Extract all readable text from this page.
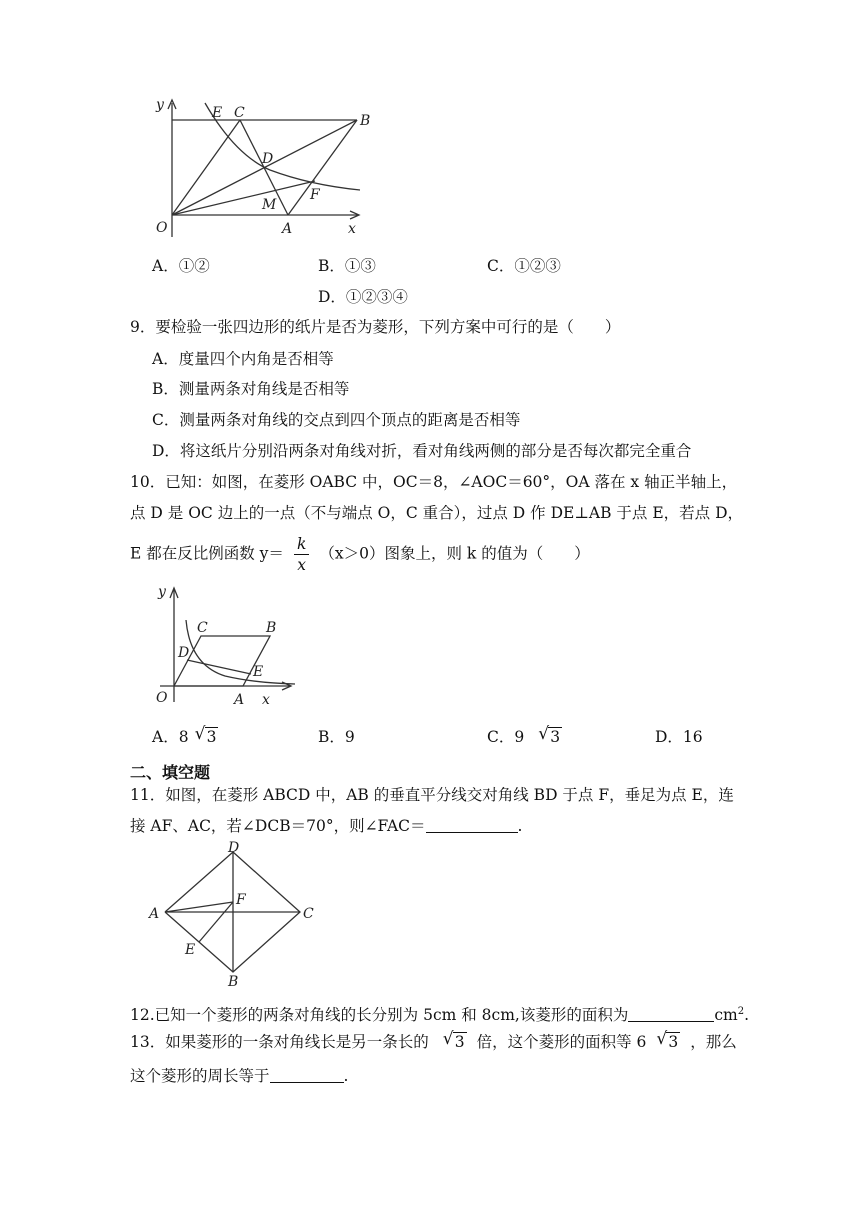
y
x
O
E C	B
D
M
F
A
A．①②	B．①③	C．①②③
D．①②③④
9．要检验一张四边形的纸片是否为菱形，下列方案中可行的是（　　）
A．度量四个内角是否相等
B．测量两条对角线是否相等
C．测量两条对角线的交点到四个顶点的距离是否相等
D．将这纸片分别沿两条对角线对折，看对角线两侧的部分是否每次都完全重合
10．已知：如图，在菱形 OABC 中，OC＝8，∠AOC＝60°，OA 落在 x 轴正半轴上，
点 D 是 OC 边上的一点（不与端点 O，C 重合），过点 D 作 DE⊥AB 于点 E，若点 D，
E 都在反比例函数 $y= \frac{k}{x} (x>0)$图象上，则 k 的值为（　　）
y
x
O
C	B
D
E
A
A．8 √ 3	B．9	C．9 √ 3	D．16
二、填空题
11．如图，在菱形 ABCD 中，AB 的垂直平分线交对角线 BD 于点 F，垂足为点 E，连
接 AF、AC，若∠DCB＝70°，则∠FAC＝	.
D
A
F
C
E
B
12.已知一个菱形的两条对角线的长分别为 5cm 和 8cm,该菱形的面积为	$cm^2$.
13．如果菱形的一条对角线长是另一条长的 √ 3 倍，这个菱形的面积等 6 √ 3 ，那么
这个菱形的周长等于	.
